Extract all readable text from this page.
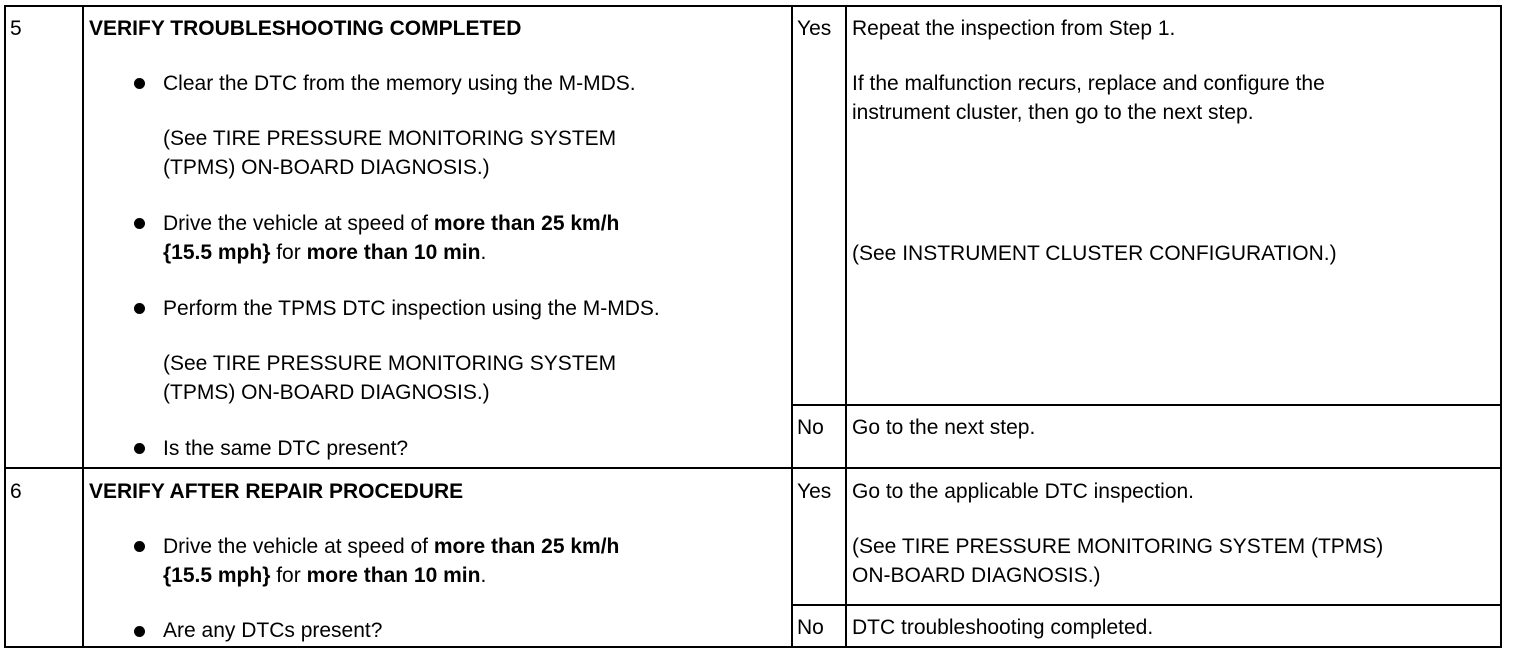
5	VERIFY TROUBLESHOOTING COMPLETED
Clear the DTC from the memory using the M-MDS.
(See TIRE PRESSURE MONITORING SYSTEM
(TPMS) ON-BOARD DIAGNOSIS.)
Drive the vehicle at speed of more than 25 km/h
{15.5 mph} for more than 10 min.
Perform the TPMS DTC inspection using the M-MDS.
(See TIRE PRESSURE MONITORING SYSTEM
(TPMS) ON-BOARD DIAGNOSIS.)
Is the same DTC present?
Yes Repeat the inspection from Step 1.
If the malfunction recurs, replace and configure the
instrument cluster, then go to the next step.
(See INSTRUMENT CLUSTER CONFIGURATION.)
No Go to the next step.
6	VERIFY AFTER REPAIR PROCEDURE
Drive the vehicle at speed of more than 25 km/h
{15.5 mph} for more than 10 min.
Are any DTCs present?
Yes Go to the applicable DTC inspection.
(See TIRE PRESSURE MONITORING SYSTEM (TPMS)
ON-BOARD DIAGNOSIS.)
No DTC troubleshooting completed.
